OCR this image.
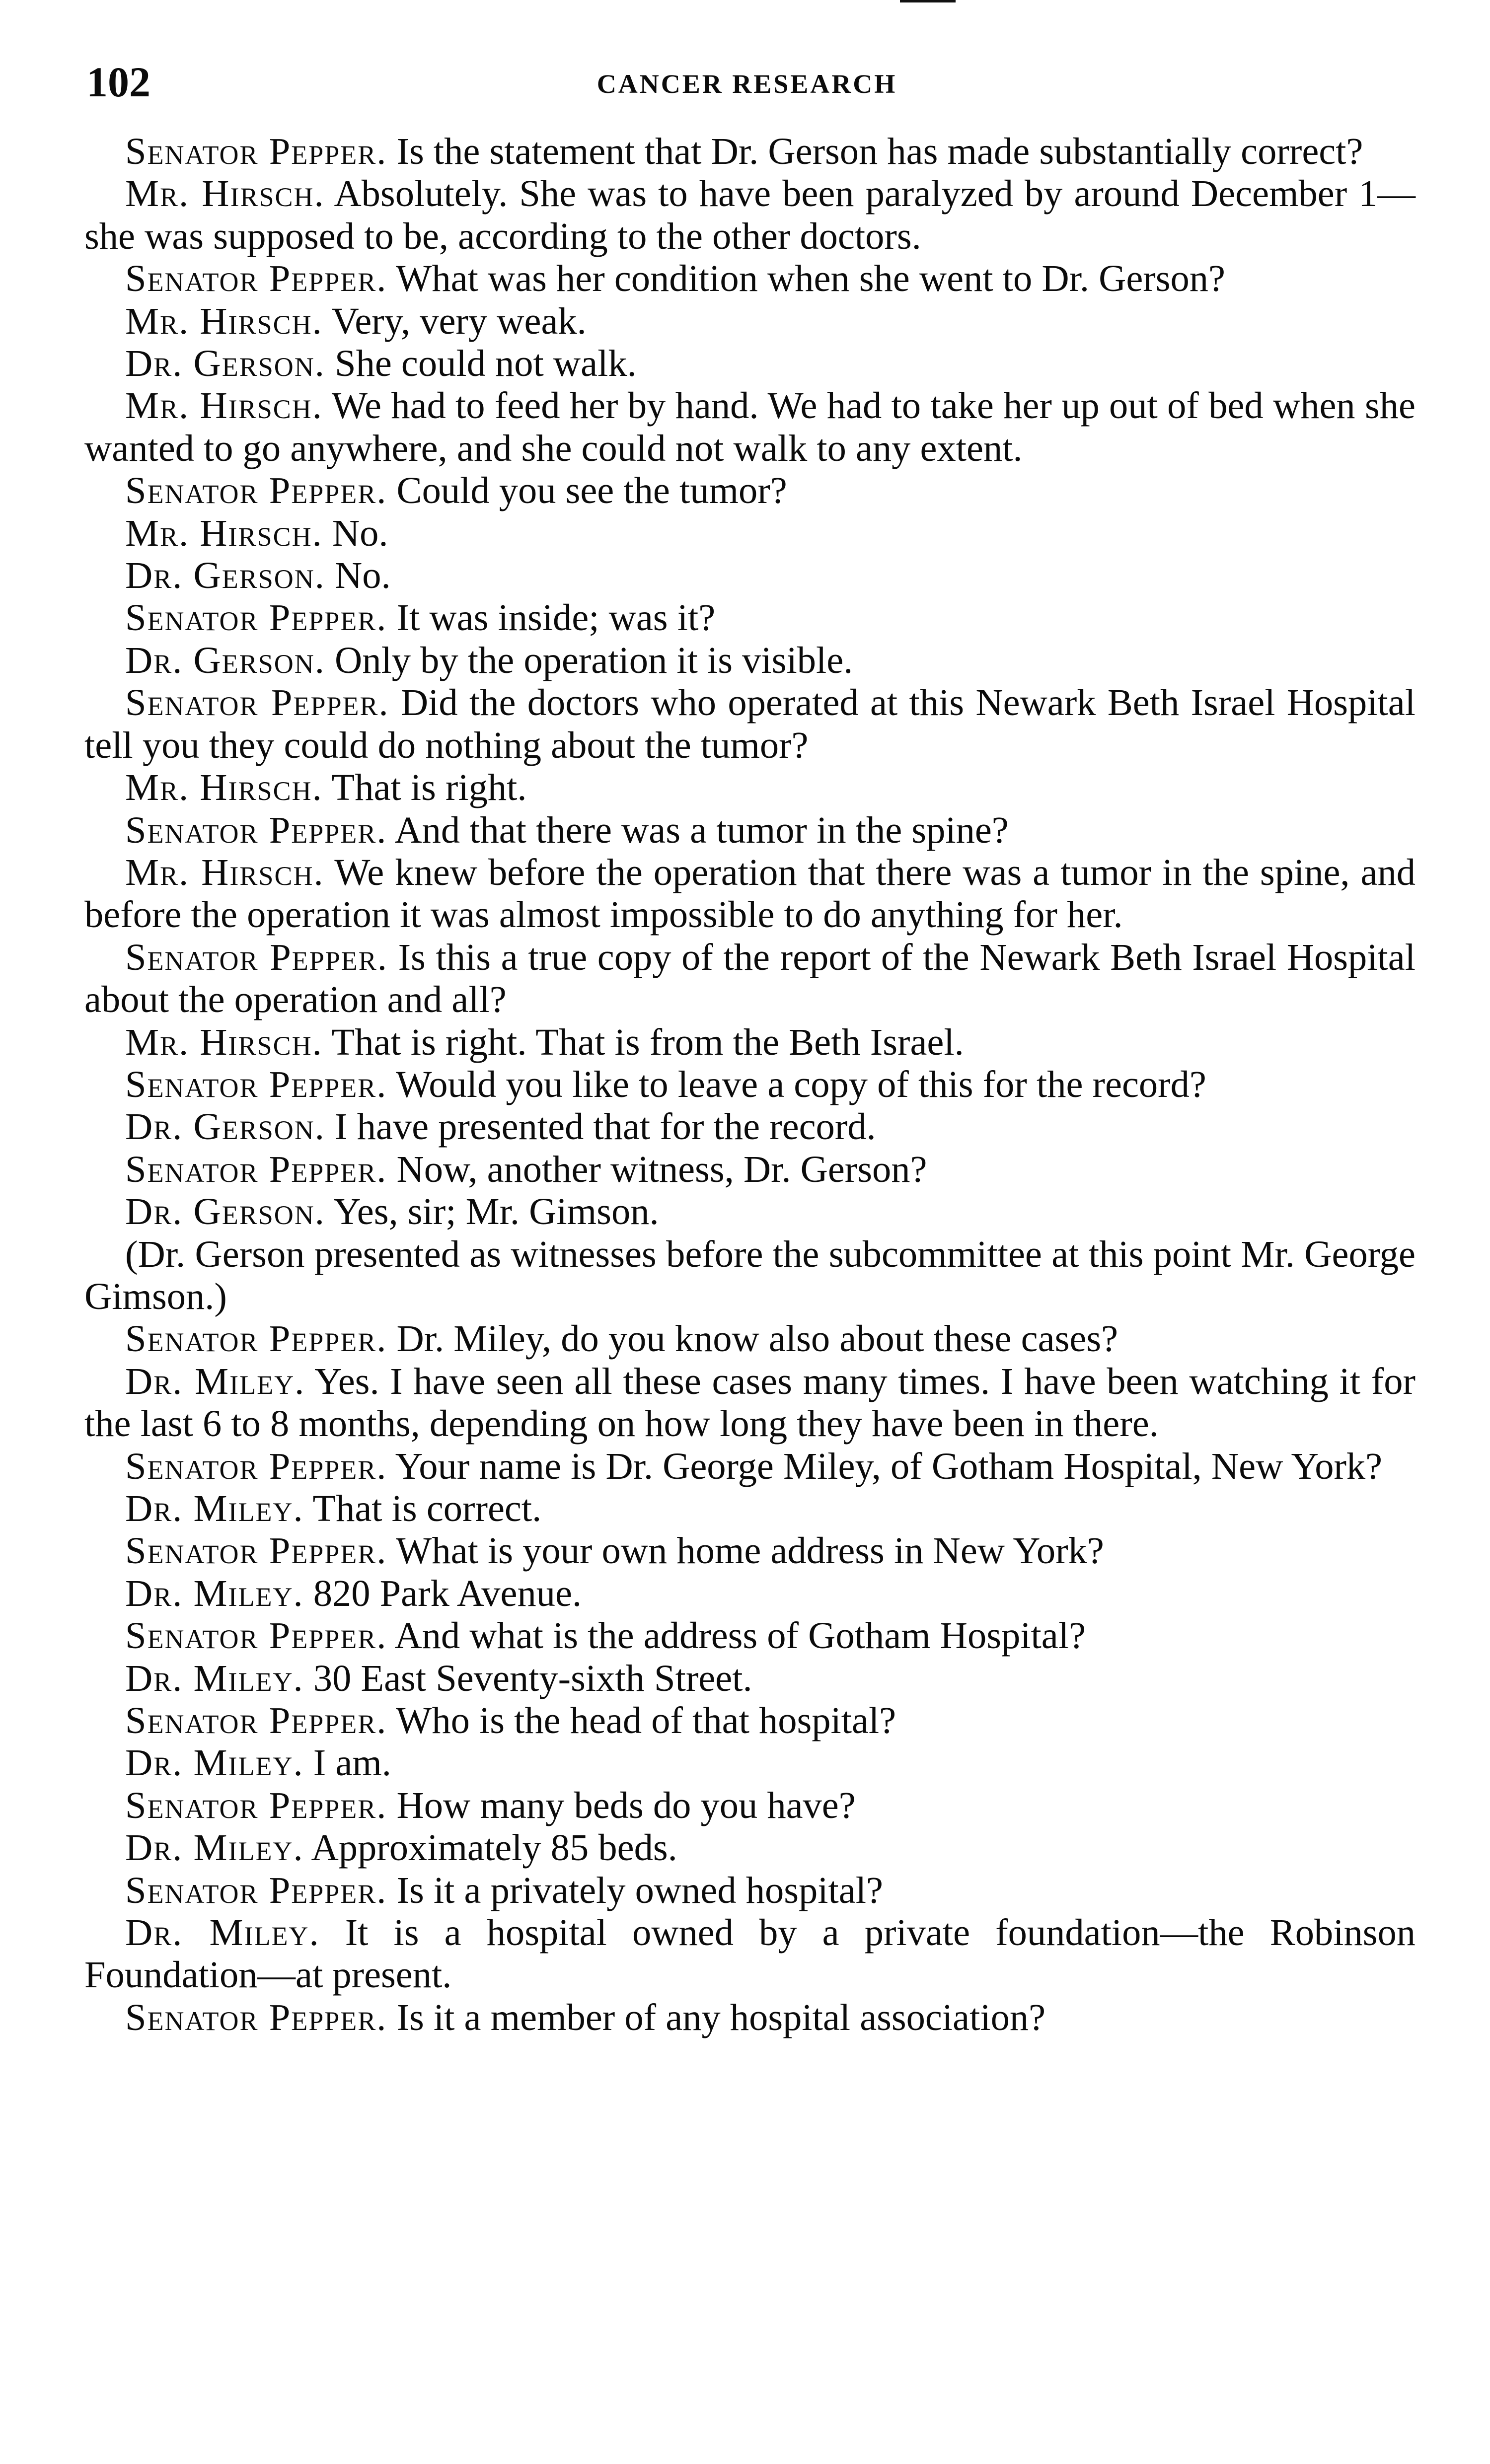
102	CANCER RESEARCH

Senator Pepper. Is the statement that Dr. Gerson has made substantially correct?

Mr. Hirsch. Absolutely. She was to have been paralyzed by around December 1—she was supposed to be, according to the other doctors.

Senator Pepper. What was her condition when she went to Dr. Gerson?

Mr. Hirsch. Very, very weak.

Dr. Gerson. She could not walk.

Mr. Hirsch. We had to feed her by hand. We had to take her up out of bed when she wanted to go anywhere, and she could not walk to any extent.

Senator Pepper. Could you see the tumor?

Mr. Hirsch. No.

Dr. Gerson. No.

Senator Pepper. It was inside; was it?

Dr. Gerson. Only by the operation it is visible.

Senator Pepper. Did the doctors who operated at this Newark Beth Israel Hospital tell you they could do nothing about the tumor?

Mr. Hirsch. That is right.

Senator Pepper. And that there was a tumor in the spine?

Mr. Hirsch. We knew before the operation that there was a tumor in the spine, and before the operation it was almost impossible to do anything for her.

Senator Pepper. Is this a true copy of the report of the Newark Beth Israel Hospital about the operation and all?

Mr. Hirsch. That is right. That is from the Beth Israel.

Senator Pepper. Would you like to leave a copy of this for the record?

Dr. Gerson. I have presented that for the record.

Senator Pepper. Now, another witness, Dr. Gerson?

Dr. Gerson. Yes, sir; Mr. Gimson.

(Dr. Gerson presented as witnesses before the subcommittee at this point Mr. George Gimson.)

Senator Pepper. Dr. Miley, do you know also about these cases?

Dr. Miley. Yes. I have seen all these cases many times. I have been watching it for the last 6 to 8 months, depending on how long they have been in there.

Senator Pepper. Your name is Dr. George Miley, of Gotham Hospital, New York?

Dr. Miley. That is correct.

Senator Pepper. What is your own home address in New York?

Dr. Miley. 820 Park Avenue.

Senator Pepper. And what is the address of Gotham Hospital?

Dr. Miley. 30 East Seventy-sixth Street.

Senator Pepper. Who is the head of that hospital?

Dr. Miley. I am.

Senator Pepper. How many beds do you have?

Dr. Miley. Approximately 85 beds.

Senator Pepper. Is it a privately owned hospital?

Dr. Miley. It is a hospital owned by a private foundation—the Robinson Foundation—at present.

Senator Pepper. Is it a member of any hospital association?
